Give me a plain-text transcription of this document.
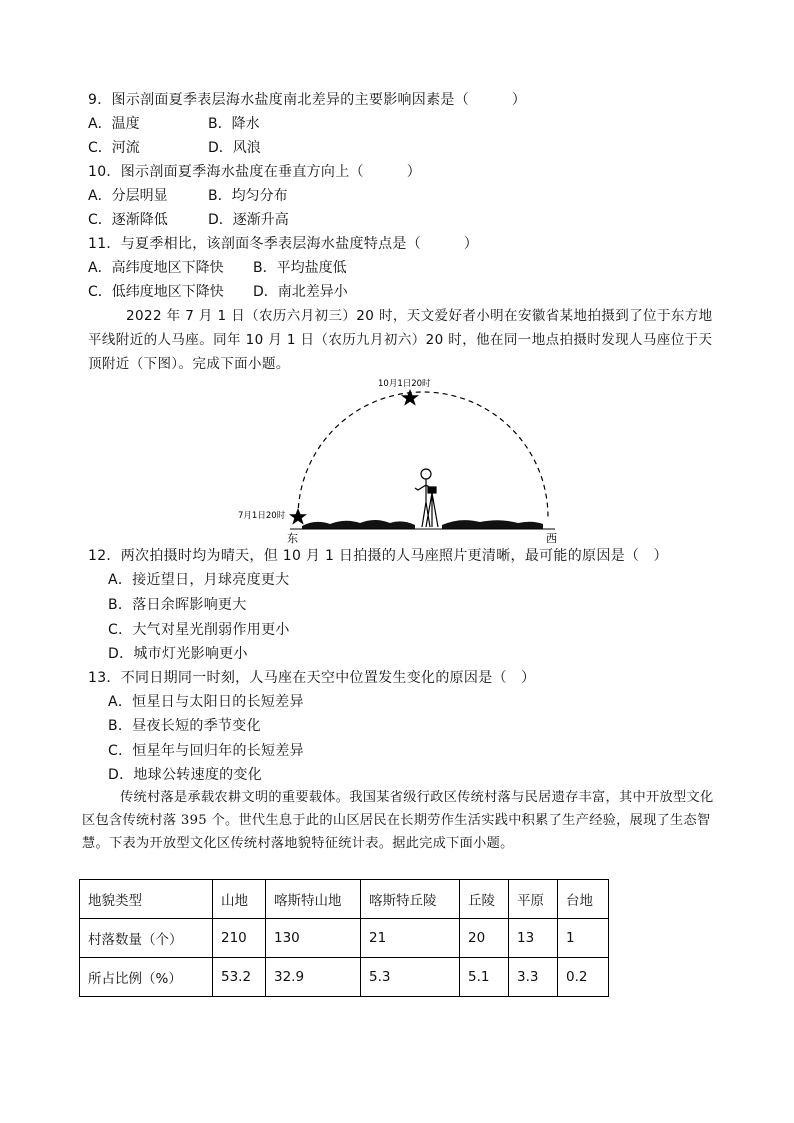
9．图示剖面夏季表层海水盐度南北差异的主要影响因素是（　　　）
A．温度	B．降水
C．河流	D．风浪
10．图示剖面夏季海水盐度在垂直方向上（　　　）
A．分层明显	B．均匀分布
C．逐渐降低	D．逐渐升高
11．与夏季相比，该剖面冬季表层海水盐度特点是（　　　）
A．高纬度地区下降快 B．平均盐度低
C．低纬度地区下降快 D．南北差异小
2022 年 7 月 1 日（农历六月初三）20 时，天文爱好者小明在安徽省某地拍摄到了位于东方地平线附近的人马座。同年 10 月 1 日（农历九月初六）20 时，他在同一地点拍摄时发现人马座位于天顶附近（下图）。完成下面小题。
10月1日20时
7月1日20时
东	西
12．两次拍摄时均为晴天，但 10 月 1 日拍摄的人马座照片更清晰，最可能的原因是（　）
A．接近望日，月球亮度更大
B．落日余晖影响更大
C．大气对星光削弱作用更小
D．城市灯光影响更小
13．不同日期同一时刻，人马座在天空中位置发生变化的原因是（　）
A．恒星日与太阳日的长短差异
B．昼夜长短的季节变化
C．恒星年与回归年的长短差异
D．地球公转速度的变化
传统村落是承载农耕文明的重要载体。我国某省级行政区传统村落与民居遗存丰富，其中开放型文化区包含传统村落 395 个。世代生息于此的山区居民在长期劳作生活实践中积累了生产经验，展现了生态智慧。下表为开放型文化区传统村落地貌特征统计表。据此完成下面小题。
地貌类型	山地	喀斯特山地	喀斯特丘陵	丘陵	平原	台地
村落数量（个）	210	130	21	20	13	1
所占比例（%）	53.2	32.9	5.3	5.1	3.3	0.2
